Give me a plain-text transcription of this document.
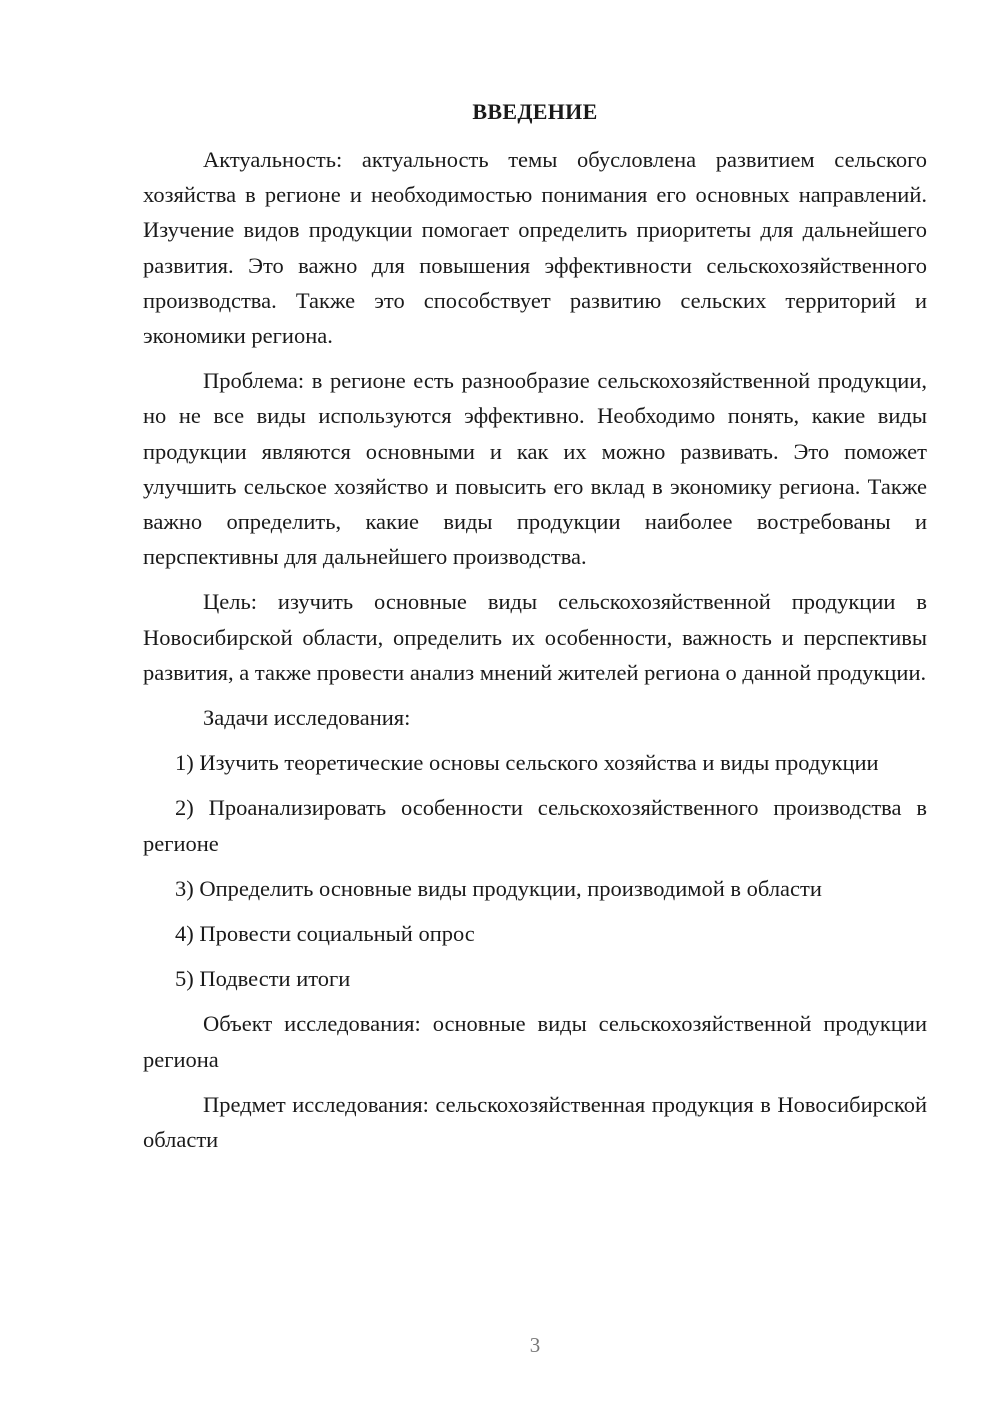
ВВЕДЕНИЕ

Актуальность: актуальность темы обусловлена развитием сельского хозяйства в регионе и необходимостью понимания его основных направлений. Изучение видов продукции помогает определить приоритеты для дальнейшего развития. Это важно для повышения эффективности сельскохозяйственного производства. Также это способствует развитию сельских территорий и экономики региона.

Проблема: в регионе есть разнообразие сельскохозяйственной продукции, но не все виды используются эффективно. Необходимо понять, какие виды продукции являются основными и как их можно развивать. Это поможет улучшить сельское хозяйство и повысить его вклад в экономику региона. Также важно определить, какие виды продукции наиболее востребованы и перспективны для дальнейшего производства.

Цель: изучить основные виды сельскохозяйственной продукции в Новосибирской области, определить их особенности, важность и перспективы развития, а также провести анализ мнений жителей региона о данной продукции.

Задачи исследования:

1) Изучить теоретические основы сельского хозяйства и виды продукции

2) Проанализировать особенности сельскохозяйственного производства в регионе

3) Определить основные виды продукции, производимой в области

4) Провести социальный опрос

5) Подвести итоги

Объект исследования: основные виды сельскохозяйственной продукции региона

Предмет исследования: сельскохозяйственная продукция в Новосибирской области

3
